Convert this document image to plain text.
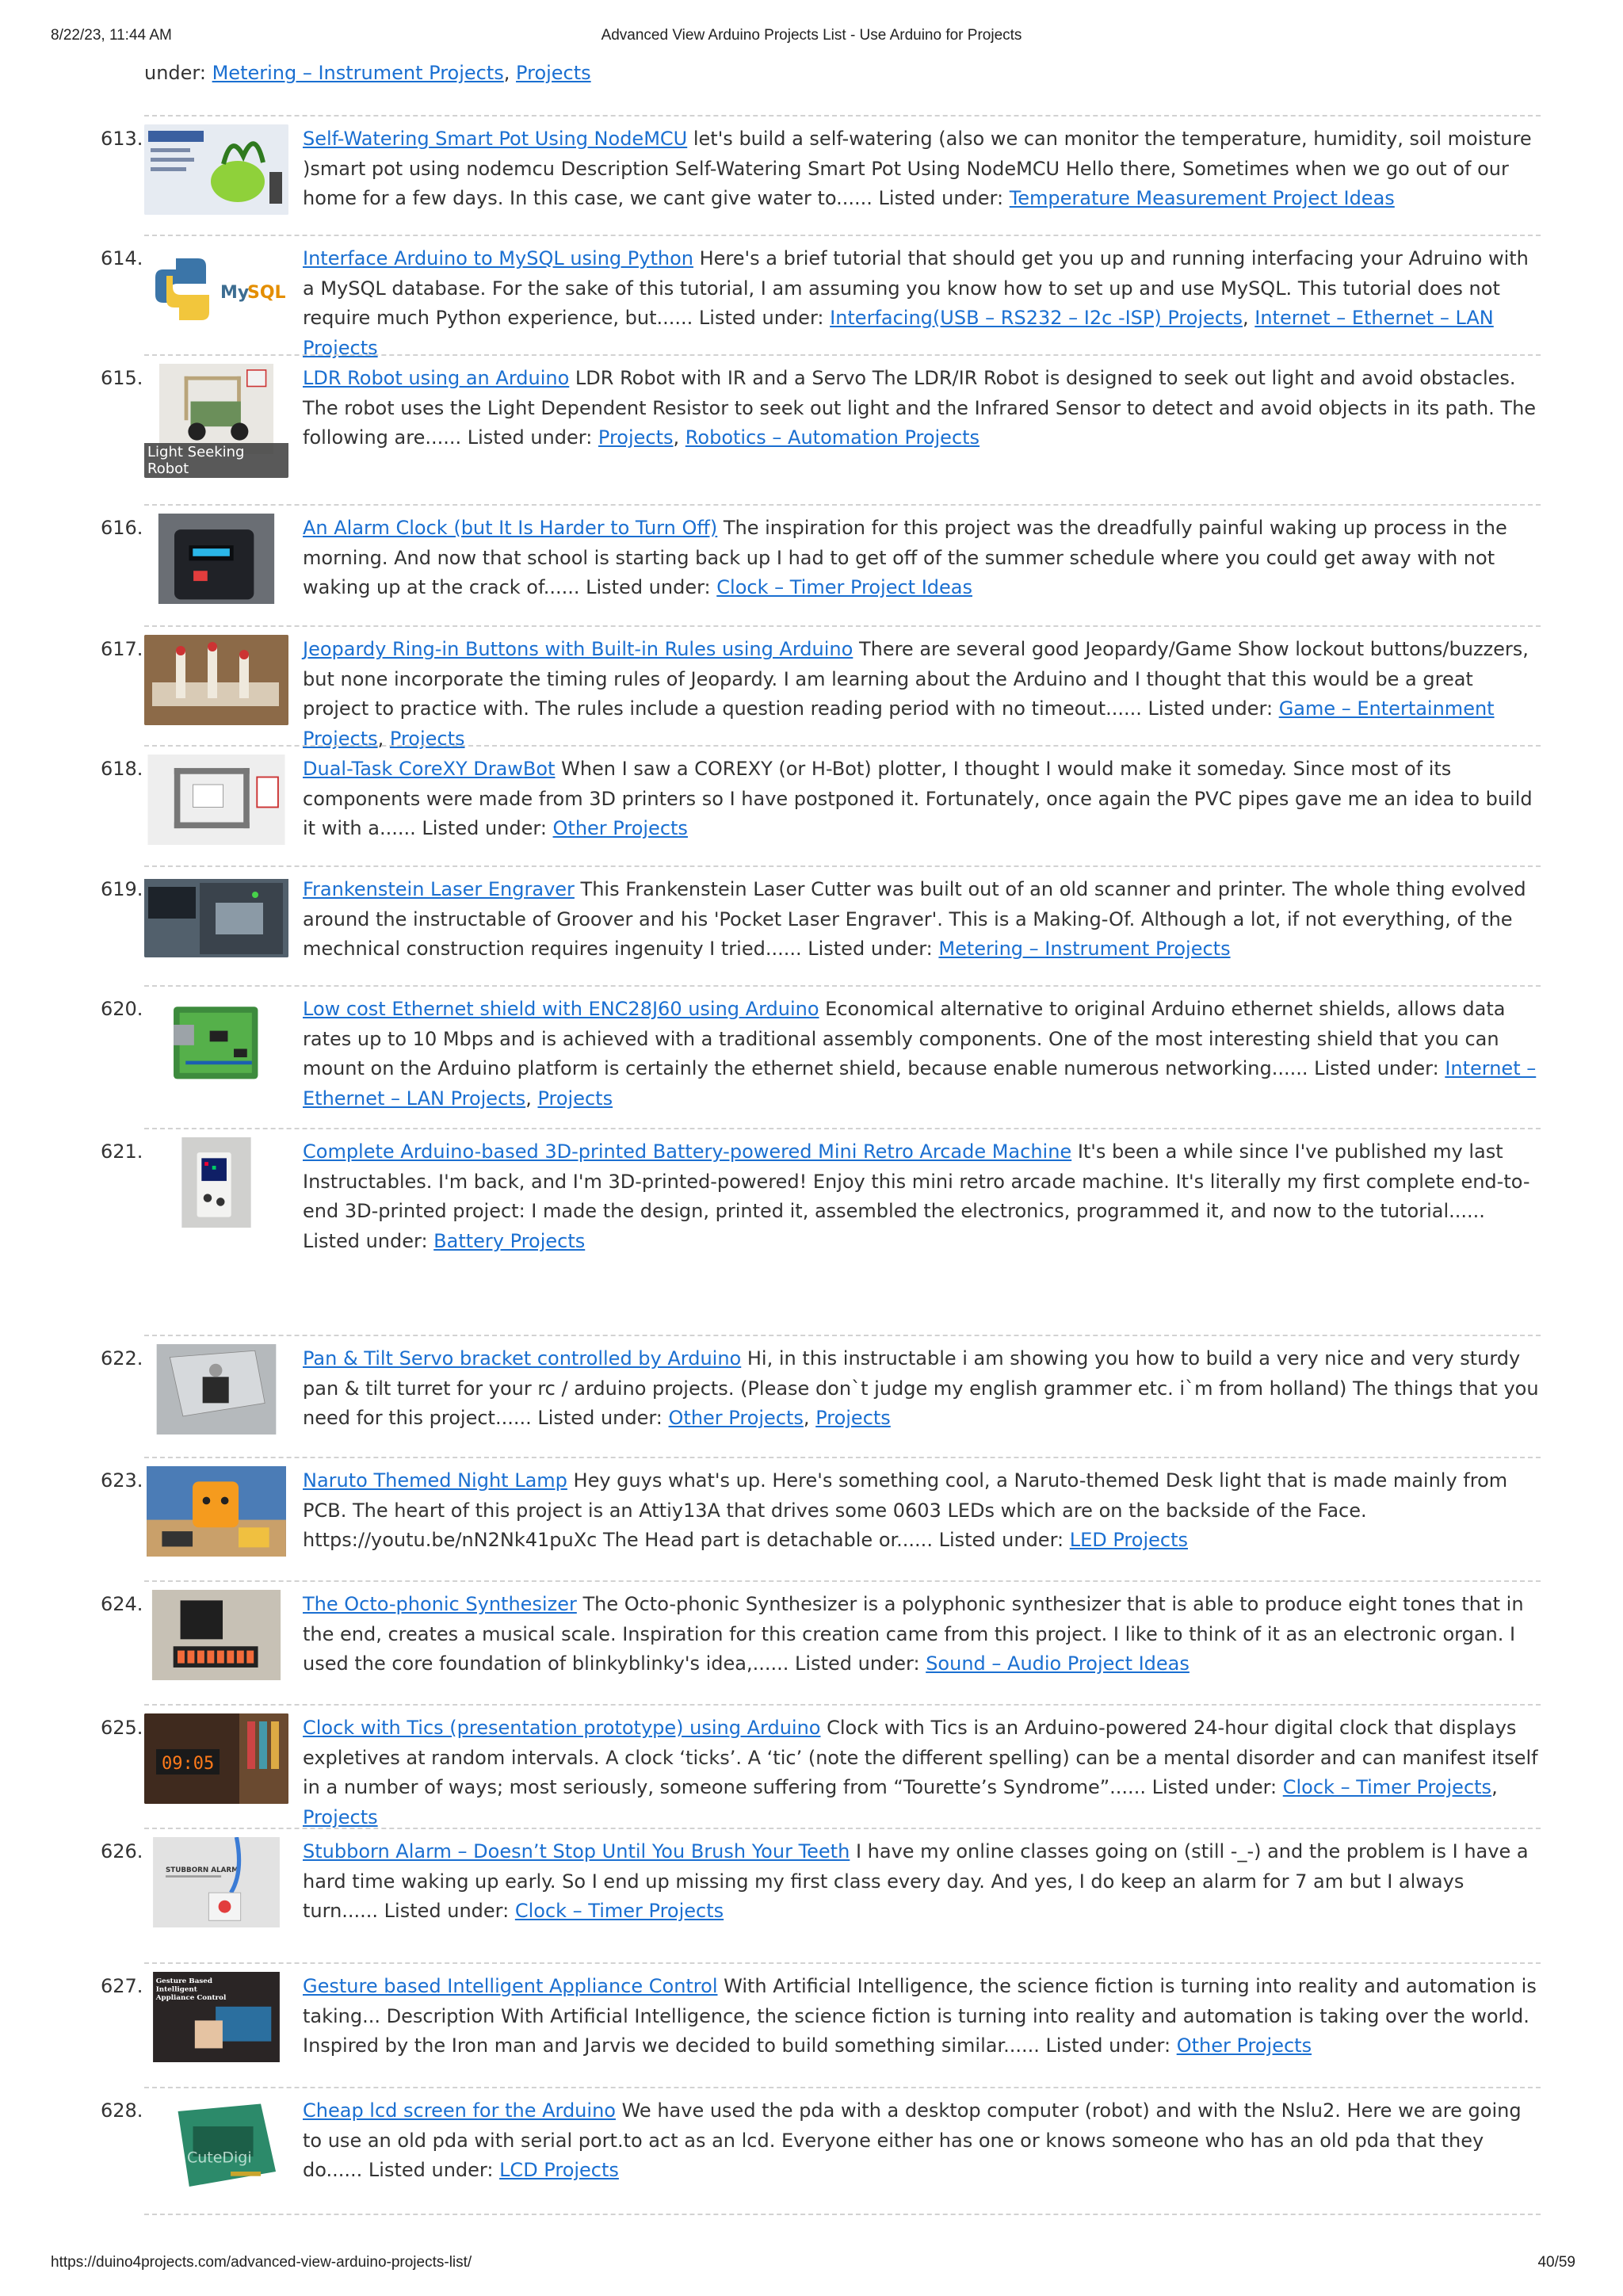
8/22/23, 11:44 AM	Advanced View Arduino Projects List - Use Arduino for Projects
under: Metering – Instrument Projects, Projects
613.	Self-Watering Smart Pot Using NodeMCU let's build a self-watering (also we can monitor the temperature, humidity, soil moisture )smart pot using nodemcu Description Self-Watering Smart Pot Using NodeMCU Hello there, Sometimes when we go out of our home for a few days. In this case, we cant give water to...... Listed under: Temperature Measurement Project Ideas
614.
My
SQL
Interface Arduino to MySQL using Python Here's a brief tutorial that should get you up and running interfacing your Adruino with a MySQL database. For the sake of this tutorial, I am assuming you know how to set up and use MySQL. This tutorial does not require much Python experience, but...... Listed under: Interfacing(USB – RS232 – I2c -ISP) Projects, Internet – Ethernet – LAN Projects
615.
Light Seeking Robot
LDR Robot using an Arduino LDR Robot with IR and a Servo The LDR/IR Robot is designed to seek out light and avoid obstacles. The robot uses the Light Dependent Resistor to seek out light and the Infrared Sensor to detect and avoid objects in its path. The following are...... Listed under: Projects, Robotics – Automation Projects
616.	An Alarm Clock (but It Is Harder to Turn Off) The inspiration for this project was the dreadfully painful waking up process in the morning. And now that school is starting back up I had to get off of the summer schedule where you could get away with not waking up at the crack of...... Listed under: Clock – Timer Project Ideas
617.	Jeopardy Ring-in Buttons with Built-in Rules using Arduino There are several good Jeopardy/Game Show lockout buttons/buzzers, but none incorporate the timing rules of Jeopardy. I am learning about the Arduino and I thought that this would be a great project to practice with. The rules include a question reading period with no timeout...... Listed under: Game – Entertainment Projects, Projects
618.	Dual-Task CoreXY DrawBot When I saw a COREXY (or H-Bot) plotter, I thought I would make it someday. Since most of its components were made from 3D printers so I have postponed it. Fortunately, once again the PVC pipes gave me an idea to build it with a...... Listed under: Other Projects
619.	Frankenstein Laser Engraver This Frankenstein Laser Cutter was built out of an old scanner and printer. The whole thing evolved around the instructable of Groover and his 'Pocket Laser Engraver'. This is a Making-Of. Although a lot, if not everything, of the mechnical construction requires ingenuity I tried...... Listed under: Metering – Instrument Projects
620.	Low cost Ethernet shield with ENC28J60 using Arduino Economical alternative to original Arduino ethernet shields, allows data rates up to 10 Mbps and is achieved with a traditional assembly components. One of the most interesting shield that you can mount on the Arduino platform is certainly the ethernet shield, because enable numerous networking...... Listed under: Internet – Ethernet – LAN Projects, Projects
621.	Complete Arduino-based 3D-printed Battery-powered Mini Retro Arcade Machine It's been a while since I've published my last Instructables. I'm back, and I'm 3D-printed-powered! Enjoy this mini retro arcade machine. It's literally my first complete end-to-end 3D-printed project: I made the design, printed it, assembled the electronics, programmed it, and now to the tutorial...... Listed under: Battery Projects
622.	Pan & Tilt Servo bracket controlled by Arduino Hi, in this instructable i am showing you how to build a very nice and very sturdy pan & tilt turret for your rc / arduino projects. (Please don`t judge my english grammer etc. i`m from holland) The things that you need for this project...... Listed under: Other Projects, Projects
623.	Naruto Themed Night Lamp Hey guys what's up. Here's something cool, a Naruto-themed Desk light that is made mainly from PCB. The heart of this project is an Attiy13A that drives some 0603 LEDs which are on the backside of the Face. https://youtu.be/nN2Nk41puXc The Head part is detachable or...... Listed under: LED Projects
624.	The Octo-phonic Synthesizer The Octo-phonic Synthesizer is a polyphonic synthesizer that is able to produce eight tones that in the end, creates a musical scale. Inspiration for this creation came from this project. I like to think of it as an electronic organ. I used the core foundation of blinkyblinky's idea,...... Listed under: Sound – Audio Project Ideas
625.
09:05
Clock with Tics (presentation prototype) using Arduino Clock with Tics is an Arduino-powered 24-hour digital clock that displays expletives at random intervals. A clock ‘ticks’. A ‘tic’ (note the different spelling) can be a mental disorder and can manifest itself in a number of ways; most seriously, someone suffering from “Tourette’s Syndrome”...... Listed under: Clock – Timer Projects, Projects
626.
STUBBORN ALARM
Stubborn Alarm – Doesn’t Stop Until You Brush Your Teeth I have my online classes going on (still -_-) and the problem is I have a hard time waking up early. So I end up missing my first class every day. And yes, I do keep an alarm for 7 am but I always turn...... Listed under: Clock – Timer Projects
627. Gesture Based
Intelligent
Appliance Control
Gesture based Intelligent Appliance Control With Artificial Intelligence, the science fiction is turning into reality and automation is taking... Description With Artificial Intelligence, the science fiction is turning into reality and automation is taking over the world. Inspired by the Iron man and Jarvis we decided to build something similar...... Listed under: Other Projects
628.
CuteDigi
Cheap lcd screen for the Arduino We have used the pda with a desktop computer (robot) and with the Nslu2. Here we are going to use an old pda with serial port.to act as an lcd. Everyone either has one or knows someone who has an old pda that they do...... Listed under: LCD Projects
https://duino4projects.com/advanced-view-arduino-projects-list/	40/59
